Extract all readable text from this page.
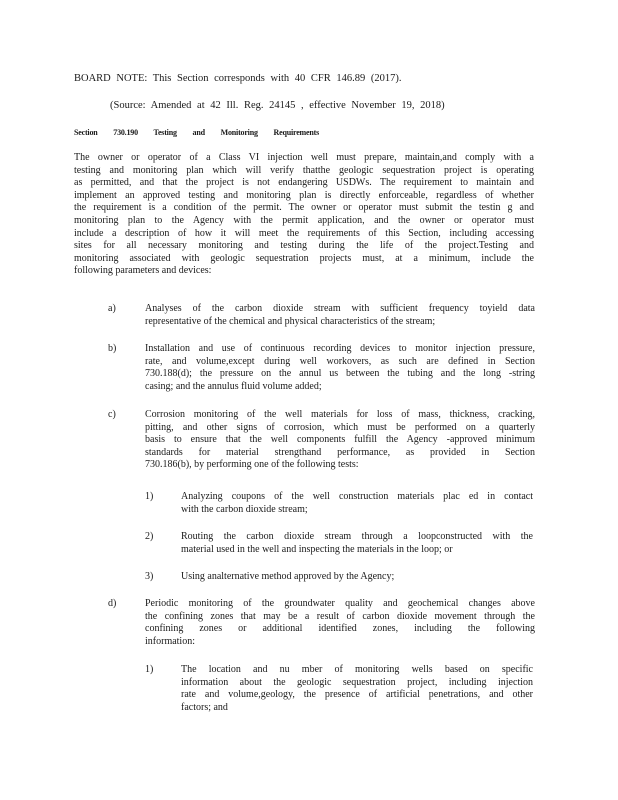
BOARD NOTE: This Section corresponds with 40 CFR 146.89 (2017).
(Source: Amended at 42 Ill. Reg. 24145 , effective November 19, 2018)
Section 730.190 Testing and Monitoring Requirements
The owner or operator of a Class VI injection well must prepare, maintain,and comply with a
testing and monitoring plan which will verify thatthe geologic sequestration project is operating
as permitted, and that the project is not endangering USDWs. The requirement to maintain and
implement an approved testing and monitoring plan is directly enforceable, regardless of whether
the requirement is a condition of the permit. The owner or operator must submit the testin g and
monitoring plan to the Agency with the permit application, and the owner or operator must
include a description of how it will meet the requirements of this Section, including accessing
sites for all necessary monitoring and testing during the life of the project.Testing and
monitoring associated with geologic sequestration projects must, at a minimum, include the
following parameters and devices:
a)	Analyses of the carbon dioxide stream with sufficient frequency toyield data
representative of the chemical and physical characteristics of the stream;
b)	Installation and use of continuous recording devices to monitor injection pressure,
rate, and volume,except during well workovers, as such are defined in Section
730.188(d); the pressure on the annul us between the tubing and the long -string
casing; and the annulus fluid volume added;
c)	Corrosion monitoring of the well materials for loss of mass, thickness, cracking,
pitting, and other signs of corrosion, which must be performed on a quarterly
basis to ensure that the well components fulfill the Agency -approved minimum
standards for material strengthand performance, as provided in Section
730.186(b), by performing one of the following tests:
1)	Analyzing coupons of the well construction materials plac ed in contact
with the carbon dioxide stream;
2)	Routing the carbon dioxide stream through a loopconstructed with the
material used in the well and inspecting the materials in the loop; or
3)	Using analternative method approved by the Agency;
d)	Periodic monitoring of the groundwater quality and geochemical changes above
the confining zones that may be a result of carbon dioxide movement through the
confining zones or additional identified zones, including the following
information:
1)	The location and nu mber of monitoring wells based on specific
information about the geologic sequestration project, including injection
rate and volume,geology, the presence of artificial penetrations, and other
factors; and
